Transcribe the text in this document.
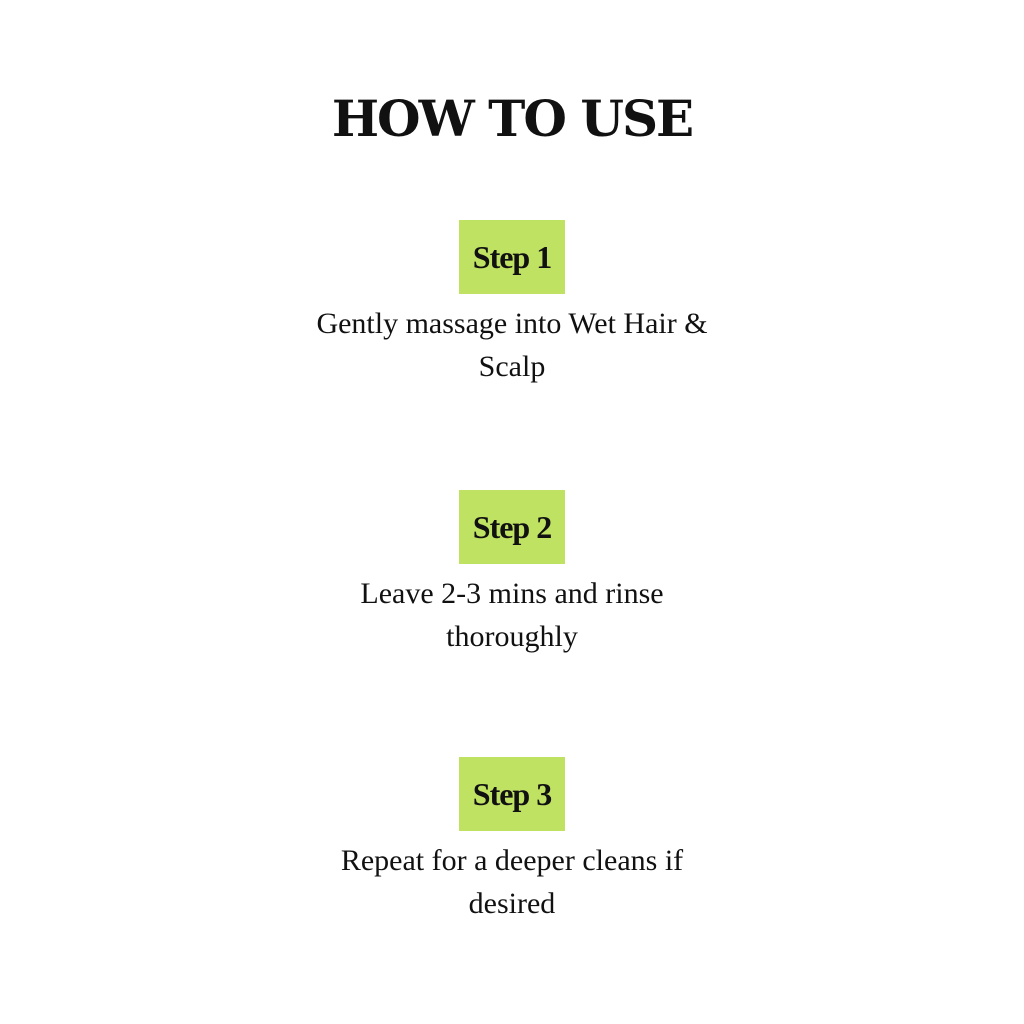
HOW TO USE
Step 1
Gently massage into Wet Hair & Scalp
Step 2
Leave 2-3 mins and rinse thoroughly
Step 3
Repeat for a deeper cleans if desired
